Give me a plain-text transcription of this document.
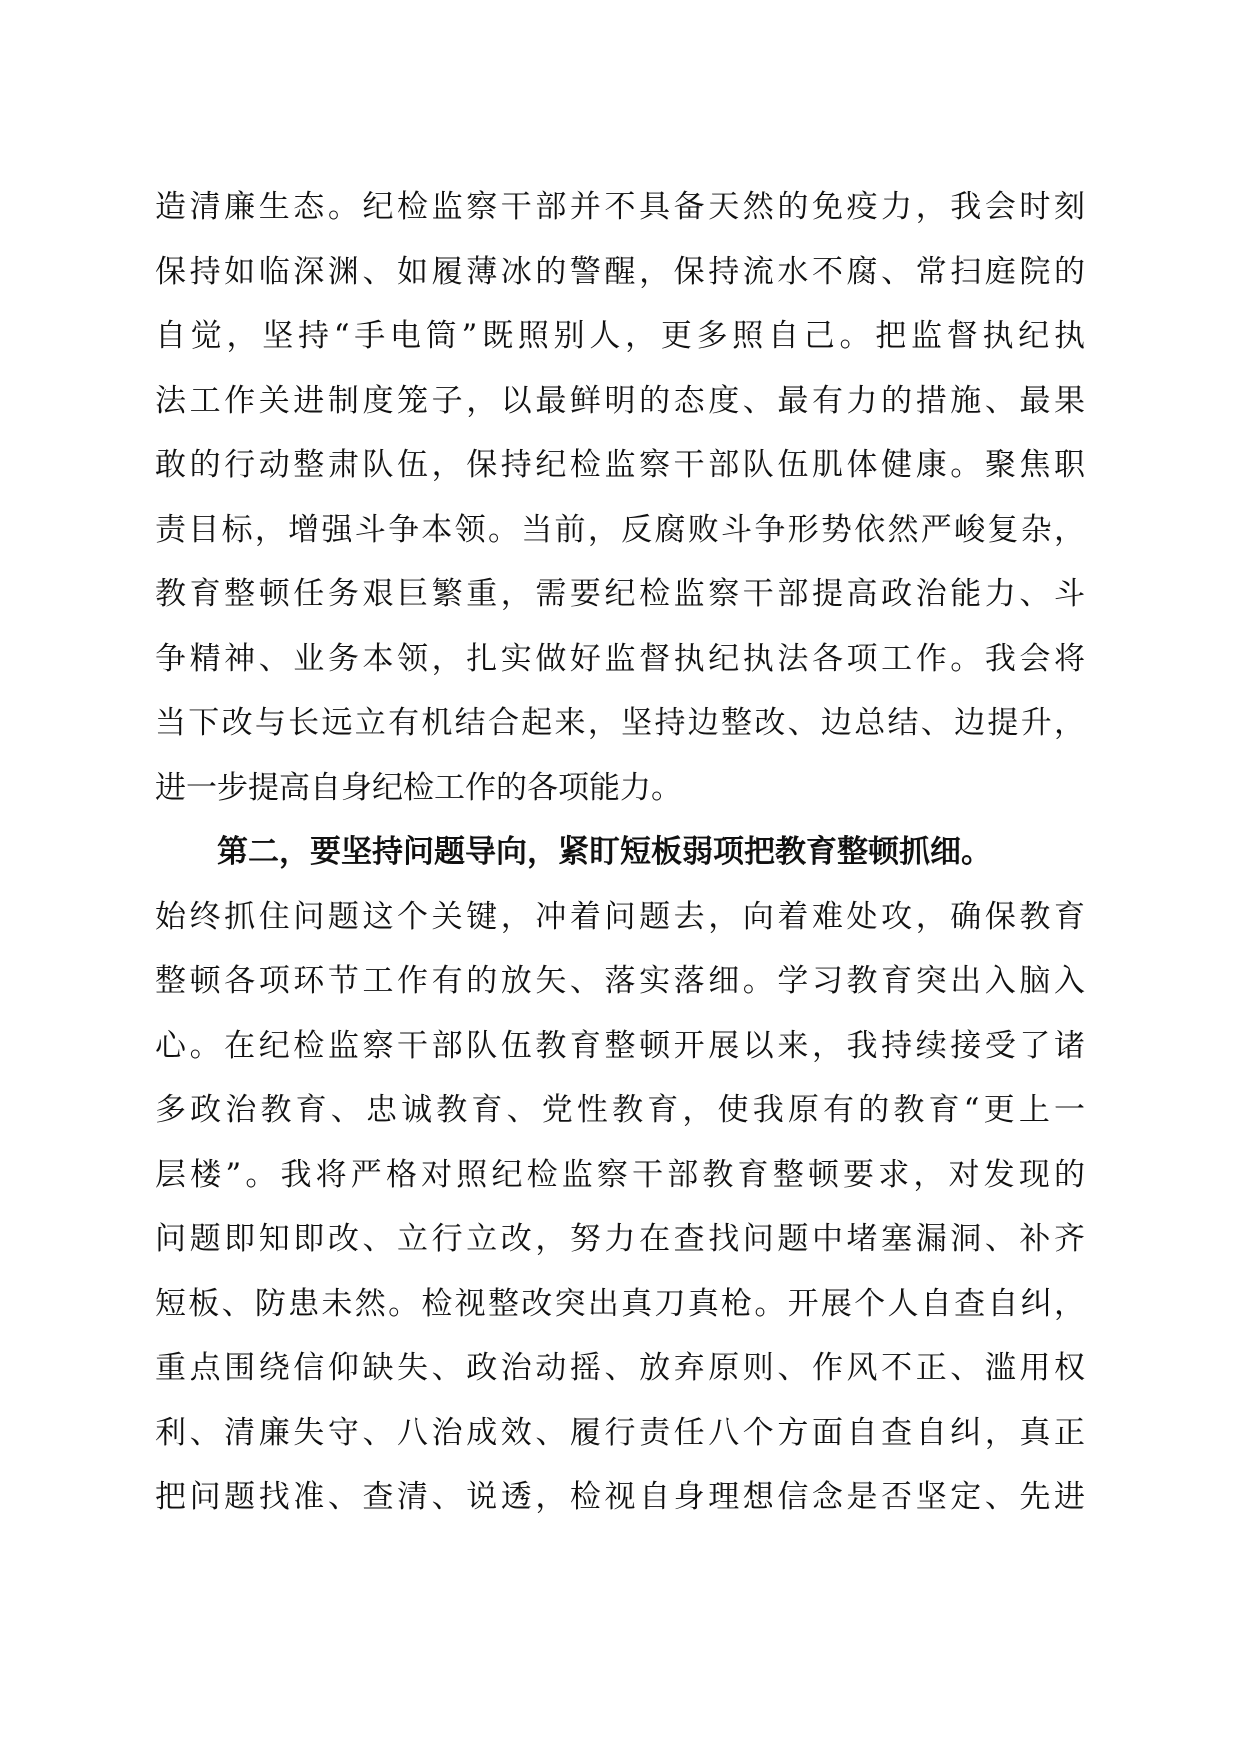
造清廉生态。纪检监察干部并不具备天然的免疫力，我会时刻
保持如临深渊、如履薄冰的警醒，保持流水不腐、常扫庭院的
自觉，坚持“手电筒”既照别人，更多照自己。把监督执纪执
法工作关进制度笼子，以最鲜明的态度、最有力的措施、最果
敢的行动整肃队伍，保持纪检监察干部队伍肌体健康。聚焦职
责目标，增强斗争本领。当前，反腐败斗争形势依然严峻复杂，
教育整顿任务艰巨繁重，需要纪检监察干部提高政治能力、斗
争精神、业务本领，扎实做好监督执纪执法各项工作。我会将
当下改与长远立有机结合起来，坚持边整改、边总结、边提升，
进一步提高自身纪检工作的各项能力。
第二，要坚持问题导向，紧盯短板弱项把教育整顿抓细。
始终抓住问题这个关键，冲着问题去，向着难处攻，确保教育
整顿各项环节工作有的放矢、落实落细。学习教育突出入脑入
心。在纪检监察干部队伍教育整顿开展以来，我持续接受了诸
多政治教育、忠诚教育、党性教育，使我原有的教育“更上一
层楼”。我将严格对照纪检监察干部教育整顿要求，对发现的
问题即知即改、立行立改，努力在查找问题中堵塞漏洞、补齐
短板、防患未然。检视整改突出真刀真枪。开展个人自查自纠，
重点围绕信仰缺失、政治动摇、放弃原则、作风不正、滥用权
利、清廉失守、八治成效、履行责任八个方面自查自纠，真正
把问题找准、查清、说透，检视自身理想信念是否坚定、先进
